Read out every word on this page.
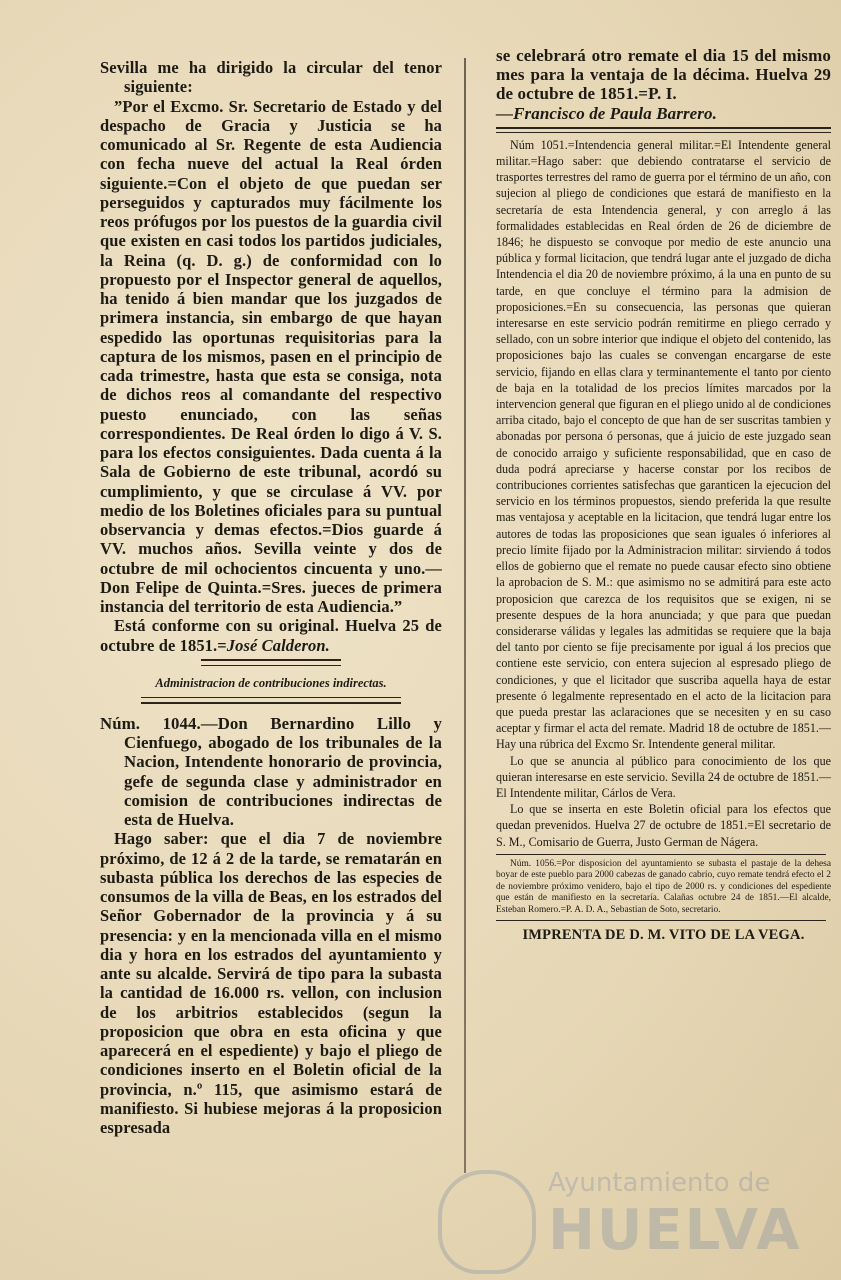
Sevilla me ha dirigido la circular del tenor siguiente:

”Por el Excmo. Sr. Secretario de Estado y del despacho de Gracia y Justicia se ha comunicado al Sr. Regente de esta Audiencia con fecha nueve del actual la Real órden siguiente.=Con el objeto de que puedan ser perseguidos y capturados muy fácilmente los reos prófugos por los puestos de la guardia civil que existen en casi todos los partidos judiciales, la Reina (q. D. g.) de conformidad con lo propuesto por el Inspector general de aquellos, ha tenido á bien mandar que los juzgados de primera instancia, sin embargo de que hayan espedido las oportunas requisitorias para la captura de los mismos, pasen en el principio de cada trimestre, hasta que esta se consiga, nota de dichos reos al comandante del respectivo puesto enunciado, con las señas correspondientes. De Real órden lo digo á V. S. para los efectos consiguientes. Dada cuenta á la Sala de Gobierno de este tribunal, acordó su cumplimiento, y que se circulase á VV. por medio de los Boletines oficiales para su puntual observancia y demas efectos.=Dios guarde á VV. muchos años. Sevilla veinte y dos de octubre de mil ochocientos cincuenta y uno.—Don Felipe de Quinta.=Sres. jueces de primera instancia del territorio de esta Audiencia.”

Está conforme con su original. Huelva 25 de octubre de 1851.=José Calderon.

Administracion de contribuciones indirectas.

Núm. 1044.—Don Bernardino Lillo y Cienfuego, abogado de los tribunales de la Nacion, Intendente honorario de provincia, gefe de segunda clase y administrador en comision de contribuciones indirectas de esta de Huelva.

Hago saber: que el dia 7 de noviembre próximo, de 12 á 2 de la tarde, se rematarán en subasta pública los derechos de las especies de consumos de la villa de Beas, en los estrados del Señor Gobernador de la provincia y á su presencia: y en la mencionada villa en el mismo dia y hora en los estrados del ayuntamiento y ante su alcalde. Servirá de tipo para la subasta la cantidad de 16.000 rs. vellon, con inclusion de los arbitrios establecidos (segun la proposicion que obra en esta oficina y que aparecerá en el espediente) y bajo el pliego de condiciones inserto en el Boletin oficial de la provincia, n.º 115, que asimismo estará de manifiesto. Si hubiese mejoras á la proposicion espresada

se celebrará otro remate el dia 15 del mismo mes para la ventaja de la décima. Huelva 29 de octubre de 1851.=P. I.

—Francisco de Paula Barrero.

Núm 1051.=Intendencia general militar.=El Intendente general militar.=Hago saber: que debiendo contratarse el servicio de trasportes terrestres del ramo de guerra por el término de un año, con sujecion al pliego de condiciones que estará de manifiesto en la secretaría de esta Intendencia general, y con arreglo á las formalidades establecidas en Real órden de 26 de diciembre de 1846; he dispuesto se convoque por medio de este anuncio una pública y formal licitacion, que tendrá lugar ante el juzgado de dicha Intendencia el dia 20 de noviembre próximo, á la una en punto de su tarde, en que concluye el término para la admision de proposiciones.=En su consecuencia, las personas que quieran interesarse en este servicio podrán remitirme en pliego cerrado y sellado, con un sobre interior que indique el objeto del contenido, las proposiciones bajo las cuales se convengan encargarse de este servicio, fijando en ellas clara y terminantemente el tanto por ciento de baja en la totalidad de los precios límites marcados por la intervencion general que figuran en el pliego unido al de condiciones arriba citado, bajo el concepto de que han de ser suscritas tambien y abonadas por persona ó personas, que á juicio de este juzgado sean de conocido arraigo y suficiente responsabilidad, que en caso de duda podrá apreciarse y hacerse constar por los recibos de contribuciones corrientes satisfechas que garanticen la ejecucion del servicio en los términos propuestos, siendo preferida la que resulte mas ventajosa y aceptable en la licitacion, que tendrá lugar entre los autores de todas las proposiciones que sean iguales ó inferiores al precio límite fijado por la Administracion militar: sirviendo á todos ellos de gobierno que el remate no puede causar efecto sino obtiene la aprobacion de S. M.: que asimismo no se admitirá para este acto proposicion que carezca de los requisitos que se exigen, ni se presente despues de la hora anunciada; y que para que puedan considerarse válidas y legales las admitidas se requiere que la baja del tanto por ciento se fije precisamente por igual á los precios que contiene este servicio, con entera sujecion al espresado pliego de condiciones, y que el licitador que suscriba aquella haya de estar presente ó legalmente representado en el acto de la licitacion para que pueda prestar las aclaraciones que se necesiten y en su caso aceptar y firmar el acta del remate. Madrid 18 de octubre de 1851.— Hay una rúbrica del Excmo Sr. Intendente general militar.

Lo que se anuncia al público para conocimiento de los que quieran interesarse en este servicio. Sevilla 24 de octubre de 1851.—El Intendente militar, Cárlos de Vera.

Lo que se inserta en este Boletin oficial para los efectos que quedan prevenidos. Huelva 27 de octubre de 1851.=El secretario de S. M., Comisario de Guerra, Justo German de Nágera.

Núm. 1056.=Por disposicion del ayuntamiento se subasta el pastaje de la dehesa boyar de este pueblo para 2000 cabezas de ganado cabrío, cuyo remate tendrá efecto el 2 de noviembre próximo venidero, bajo el tipo de 2000 rs. y condiciones del espediente que están de manifiesto en la secretaría. Calañas octubre 24 de 1851.—El alcalde, Esteban Romero.=P. A. D. A., Sebastian de Soto, secretario.

IMPRENTA DE D. M. VITO DE LA VEGA.
Ayuntamiento de
HUELVA
